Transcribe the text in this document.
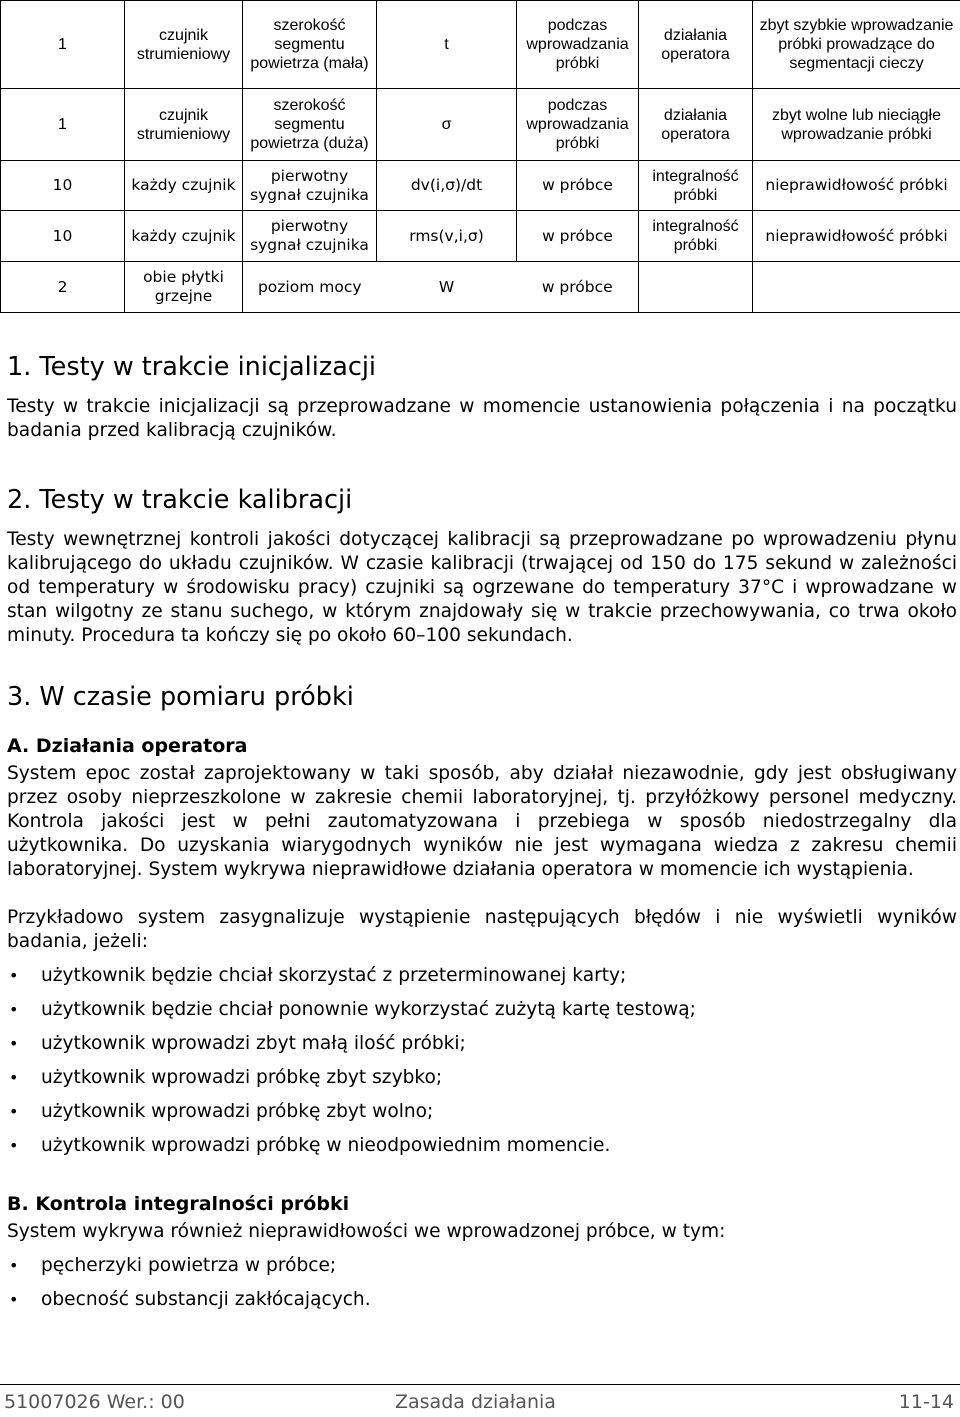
1	czujnik strumieniowy	szerokość segmentu powietrza (mała)	t	podczas wprowadzania próbki	działania operatora	zbyt szybkie wprowadzanie próbki prowadzące do segmentacji cieczy
1	czujnik strumieniowy	szerokość segmentu powietrza (duża)	σ	podczas wprowadzania próbki	działania operatora	zbyt wolne lub nieciągłe wprowadzanie próbki
10	każdy czujnik	pierwotny sygnał czujnika	dv(i,σ)/dt	w próbce	integralność próbki	nieprawidłowość próbki
10	każdy czujnik	pierwotny sygnał czujnika	rms(v,i,σ)	w próbce	integralność próbki	nieprawidłowość próbki
2	obie płytki grzejne	poziom mocy	W	w próbce		
1. Testy w trakcie inicjalizacji

Testy w trakcie inicjalizacji są przeprowadzane w momencie ustanowienia połączenia i na początku badania przed kalibracją czujników.

2. Testy w trakcie kalibracji

Testy wewnętrznej kontroli jakości dotyczącej kalibracji są przeprowadzane po wprowadzeniu płynu kalibrującego do układu czujników. W czasie kalibracji (trwającej od 150 do 175 sekund w zależności od temperatury w środowisku pracy) czujniki są ogrzewane do temperatury 37°C i wprowadzane w stan wilgotny ze stanu suchego, w którym znajdowały się w trakcie przechowywania, co trwa około minuty. Procedura ta kończy się po około 60–100 sekundach.

3. W czasie pomiaru próbki
A. Działania operatora

System epoc został zaprojektowany w taki sposób, aby działał niezawodnie, gdy jest obsługiwany przez osoby nieprzeszkolone w zakresie chemii laboratoryjnej, tj. przyłóżkowy personel medyczny. Kontrola jakości jest w pełni zautomatyzowana i przebiega w sposób niedostrzegalny dla użytkownika. Do uzyskania wiarygodnych wyników nie jest wymagana wiedza z zakresu chemii laboratoryjnej. System wykrywa nieprawidłowe działania operatora w momencie ich wystąpienia.

Przykładowo system zasygnalizuje wystąpienie następujących błędów i nie wyświetli wyników badania, jeżeli:

• użytkownik będzie chciał skorzystać z przeterminowanej karty;
• użytkownik będzie chciał ponownie wykorzystać zużytą kartę testową;
• użytkownik wprowadzi zbyt małą ilość próbki;
• użytkownik wprowadzi próbkę zbyt szybko;
• użytkownik wprowadzi próbkę zbyt wolno;
• użytkownik wprowadzi próbkę w nieodpowiednim momencie.
B. Kontrola integralności próbki

System wykrywa również nieprawidłowości we wprowadzonej próbce, w tym:

• pęcherzyki powietrza w próbce;
• obecność substancji zakłócających.
51007026 Wer.: 00	Zasada działania	11-14
